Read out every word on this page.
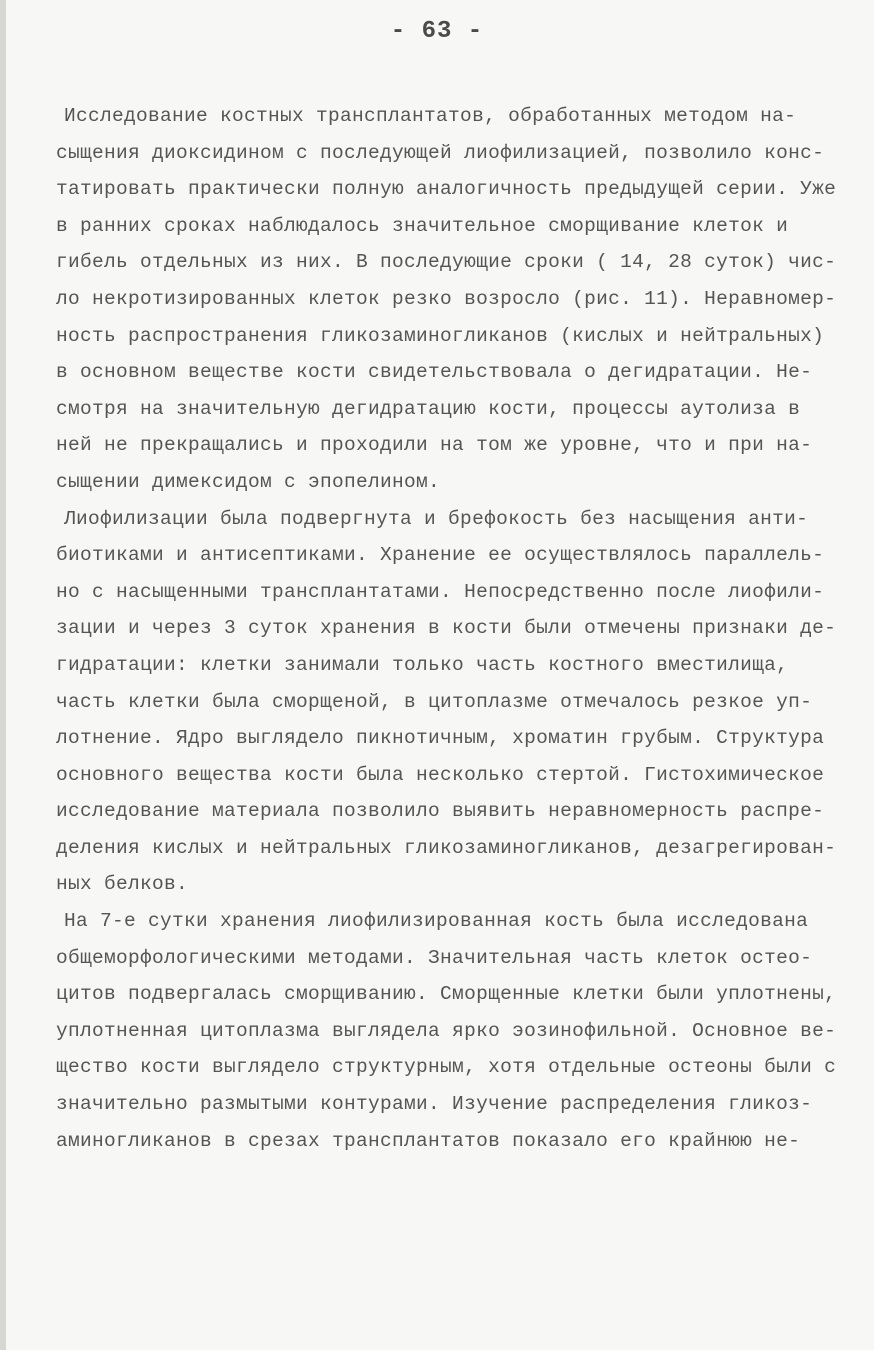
- 63 -
Исследование костных трансплантатов, обработанных методом на-
сыщения диоксидином с последующей лиофилизацией, позволило конс-
татировать практически полную аналогичность предыдущей серии. Уже
в ранних сроках наблюдалось значительное сморщивание клеток и
гибель отдельных из них. В последующие сроки ( 14, 28 суток) чис-
ло некротизированных клеток резко возросло (рис. 11). Неравномер-
ность распространения гликозаминогликанов (кислых и нейтральных)
в основном веществе кости свидетельствовала о дегидратации. Не-
смотря на значительную дегидратацию кости, процессы аутолиза в
ней не прекращались и проходили на том же уровне, что и при на-
сыщении димексидом с эпопелином.
Лиофилизации была подвергнута и брефокость без насыщения анти-
биотиками и антисептиками. Хранение ее осуществлялось параллель-
но с насыщенными трансплантатами. Непосредственно после лиофили-
зации и через 3 суток хранения в кости были отмечены признаки де-
гидратации: клетки занимали только часть костного вместилища,
часть клетки была сморщеной, в цитоплазме отмечалось резкое уп-
лотнение. Ядро выглядело пикнотичным, хроматин грубым. Структура
основного вещества кости была несколько стертой. Гистохимическое
исследование материала позволило выявить неравномерность распре-
деления кислых и нейтральных гликозаминогликанов, дезагрегирован-
ных белков.
На 7-е сутки хранения лиофилизированная кость была исследована
общеморфологическими методами. Значительная часть клеток остео-
цитов подвергалась сморщиванию. Сморщенные клетки были уплотнены,
уплотненная цитоплазма выглядела ярко эозинофильной. Основное ве-
щество кости выглядело структурным, хотя отдельные остеоны были с
значительно размытыми контурами. Изучение распределения гликоз-
аминогликанов в срезах трансплантатов показало его крайнюю не-
